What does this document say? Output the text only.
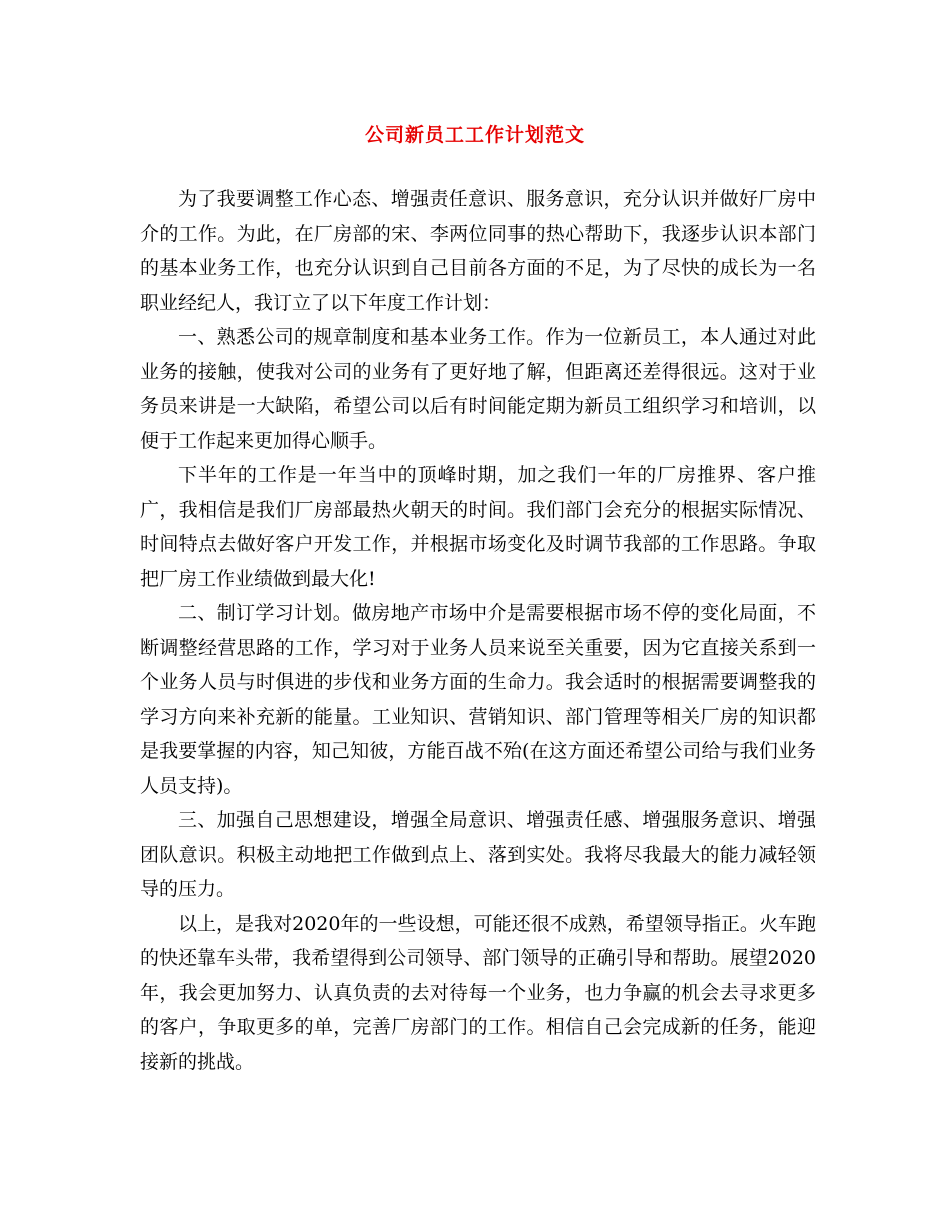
公司新员工工作计划范文

为了我要调整工作心态、增强责任意识、服务意识，充分认识并做好厂房中介的工作。为此，在厂房部的宋、李两位同事的热心帮助下，我逐步认识本部门的基本业务工作，也充分认识到自己目前各方面的不足，为了尽快的成长为一名职业经纪人，我订立了以下年度工作计划：

一、熟悉公司的规章制度和基本业务工作。作为一位新员工，本人通过对此业务的接触，使我对公司的业务有了更好地了解，但距离还差得很远。这对于业务员来讲是一大缺陷，希望公司以后有时间能定期为新员工组织学习和培训，以便于工作起来更加得心顺手。

下半年的工作是一年当中的顶峰时期，加之我们一年的厂房推界、客户推广，我相信是我们厂房部最热火朝天的时间。我们部门会充分的根据实际情况、时间特点去做好客户开发工作，并根据市场变化及时调节我部的工作思路。争取把厂房工作业绩做到最大化!

二、制订学习计划。做房地产市场中介是需要根据市场不停的变化局面，不断调整经营思路的工作，学习对于业务人员来说至关重要，因为它直接关系到一个业务人员与时俱进的步伐和业务方面的生命力。我会适时的根据需要调整我的学习方向来补充新的能量。工业知识、营销知识、部门管理等相关厂房的知识都是我要掌握的内容，知己知彼，方能百战不殆(在这方面还希望公司给与我们业务人员支持)。

三、加强自己思想建设，增强全局意识、增强责任感、增强服务意识、增强团队意识。积极主动地把工作做到点上、落到实处。我将尽我最大的能力减轻领导的压力。

以上，是我对2020年的一些设想，可能还很不成熟，希望领导指正。火车跑的快还靠车头带，我希望得到公司领导、部门领导的正确引导和帮助。展望2020年，我会更加努力、认真负责的去对待每一个业务，也力争赢的机会去寻求更多的客户，争取更多的单，完善厂房部门的工作。相信自己会完成新的任务，能迎接新的挑战。
